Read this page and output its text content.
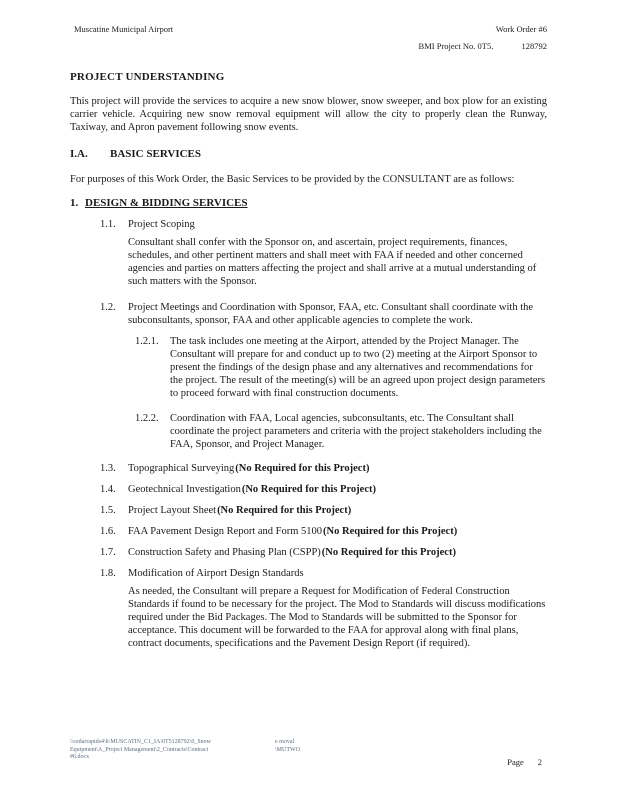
Muscatine Municipal Airport	Work Order #6
BMI Project No. 0T5.	128792
PROJECT UNDERSTANDING

This project will provide the services to acquire a new snow blower, snow sweeper, and box plow for an existing carrier vehicle. Acquiring new snow removal equipment will allow the city to properly clean the Runway, Taxiway, and Apron pavement following snow events.

I.A.	BASIC SERVICES

For purposes of this Work Order, the Basic Services to be provided by the CONSULTANT are as follows:

1. DESIGN & BIDDING SERVICES
1.1.	Project Scoping

Consultant shall confer with the Sponsor on, and ascertain, project requirements, finances, schedules, and other pertinent matters and shall meet with FAA if needed and other concerned agencies and parties on matters affecting the project and shall arrive at a mutual understanding of such matters with the Sponsor.

1.2.	Project Meetings and Coordination with Sponsor, FAA, etc. Consultant shall coordinate with the subconsultants, sponsor, FAA and other applicable agencies to complete the work.
1.2.1.	The task includes one meeting at the Airport, attended by the Project Manager. The Consultant will prepare for and conduct up to two (2) meeting at the Airport Sponsor to present the findings of the design phase and any alternatives and recommendations for the project. The result of the meeting(s) will be an agreed upon project design parameters to proceed forward with final construction documents.
1.2.2.	Coordination with FAA, Local agencies, subconsultants, etc. The Consultant shall coordinate the project parameters and criteria with the project stakeholders including the FAA, Sponsor, and Project Manager.
1.3.	Topographical Surveying(No Required for this Project)
1.4.	Geotechnical Investigation(No Required for this Project)
1.5.	Project Layout Sheet(No Required for this Project)
1.6.	FAA Pavement Design Report and Form 5100(No Required for this Project)
1.7.	Construction Safety and Phasing Plan (CSPP)(No Required for this Project)
1.8.	Modification of Airport Design Standards

As needed, the Consultant will prepare a Request for Modification of Federal Construction Standards if found to be necessary for the project. The Mod to Standards will discuss modifications required under the Bid Packages. The Mod to Standards will be submitted to the Sponsor for acceptance. This document will be forwarded to the FAA for approval along with final plans, contract documents, specifications and the Pavement Design Report (if required).

\\cedarrapids4\h\MUSCATIN_C1_IA\0T5128792\0_Snow
Equipment\A_Project Management\2_Contracts\Contract
#6.docx
e moval
\MUTWO
Page 2
